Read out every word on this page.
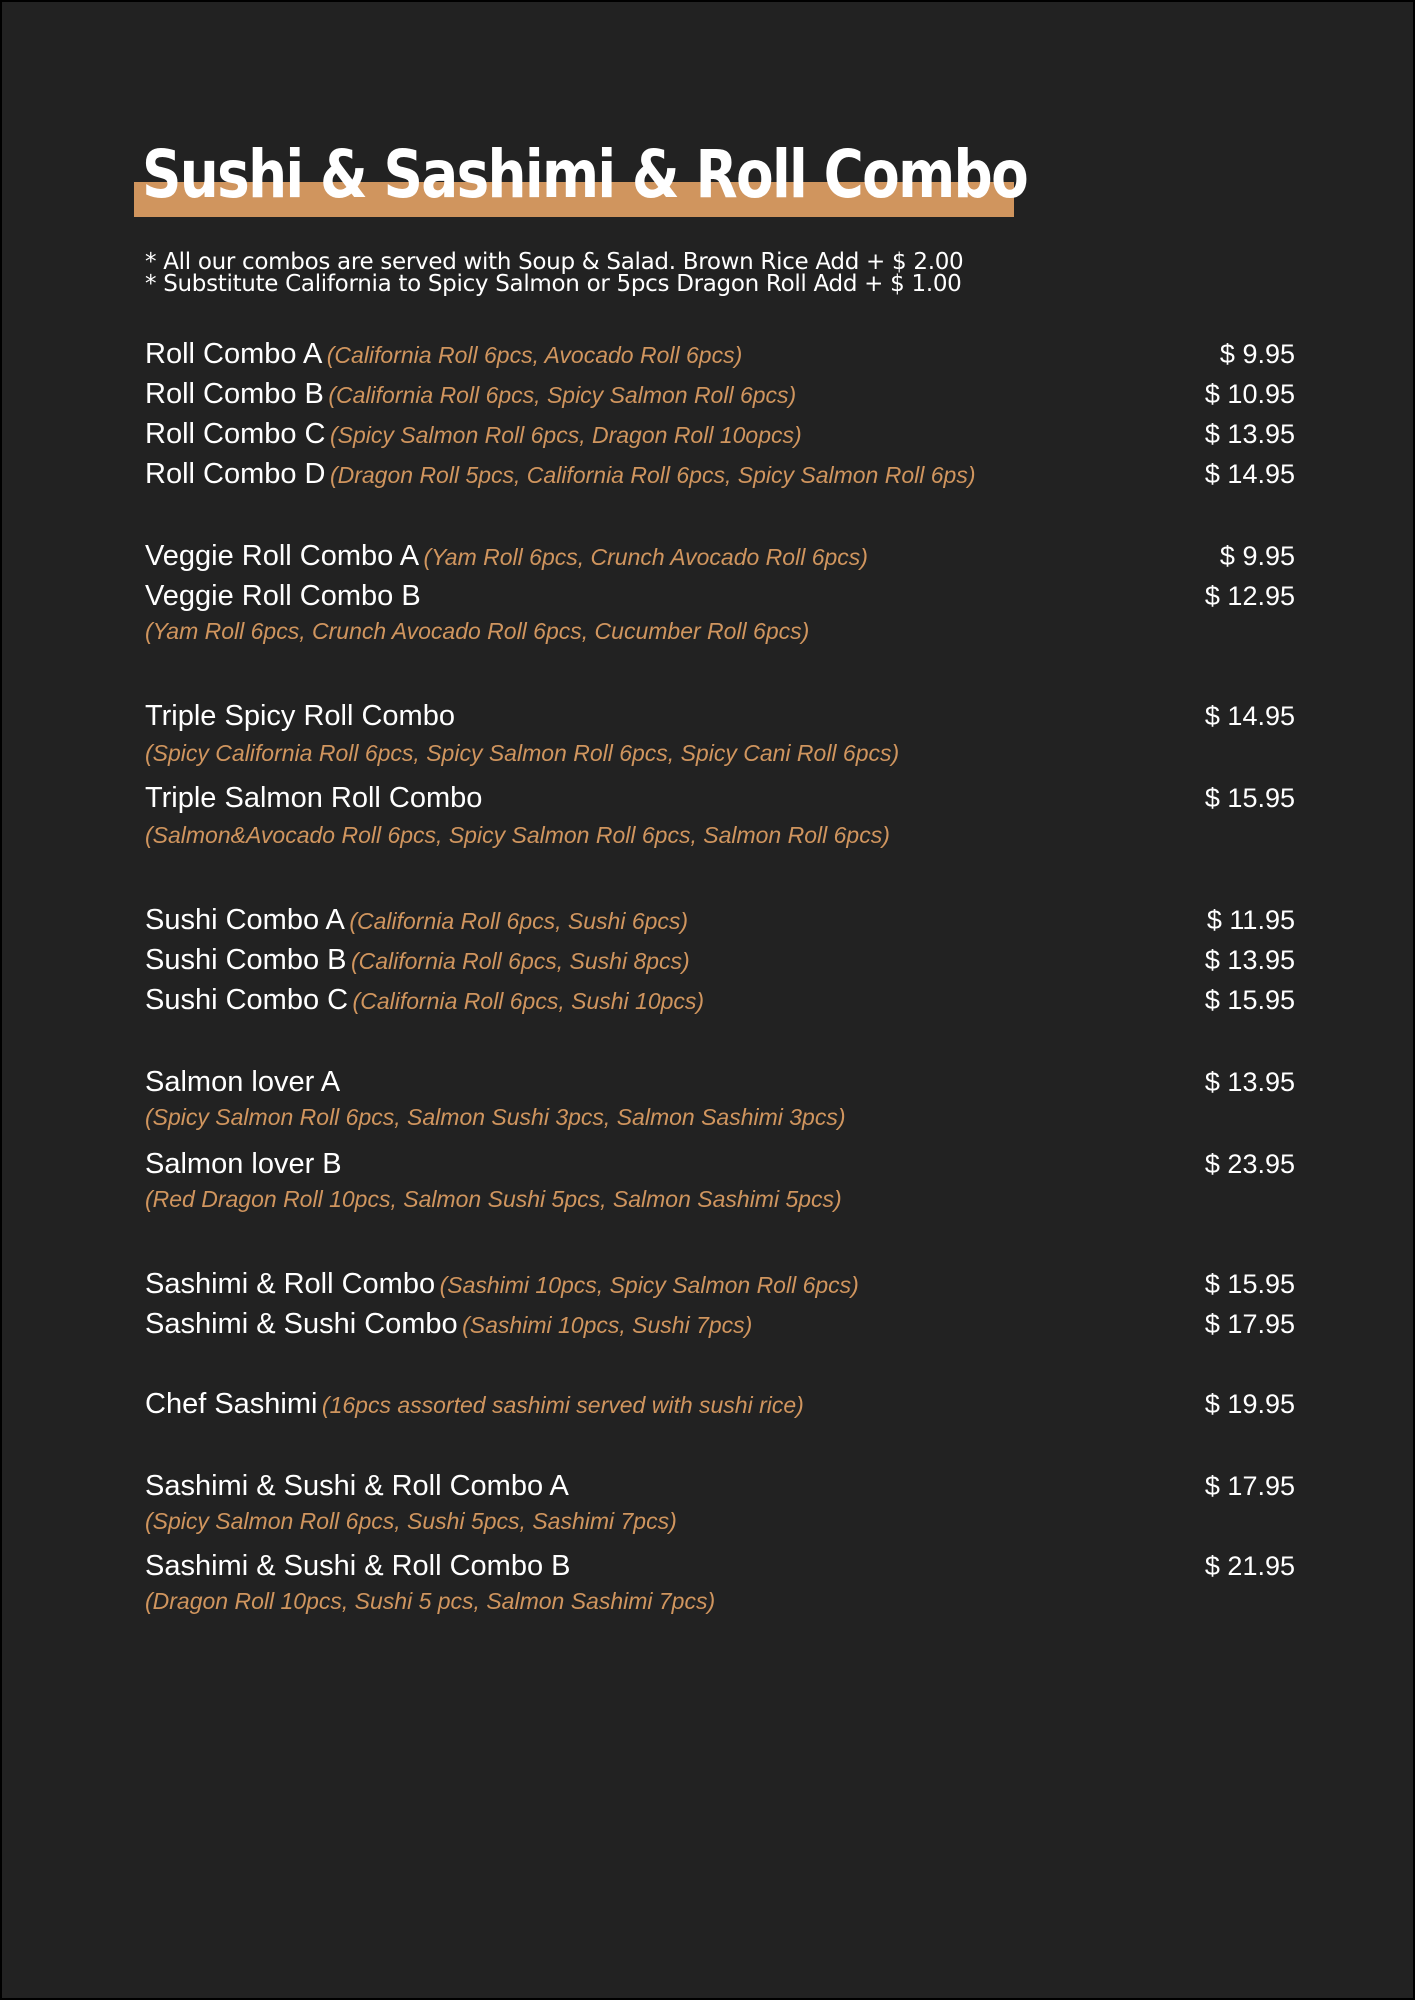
Sushi & Sashimi & Roll Combo
* All our combos are served with Soup & Salad. Brown Rice Add + $ 2.00
* Substitute California to Spicy Salmon or 5pcs Dragon Roll Add + $ 1.00
Roll Combo A (California Roll 6pcs, Avocado Roll 6pcs)	$ 9.95
Roll Combo B (California Roll 6pcs, Spicy Salmon Roll 6pcs)	$ 10.95
Roll Combo C (Spicy Salmon Roll 6pcs, Dragon Roll 10opcs)	$ 13.95
Roll Combo D (Dragon Roll 5pcs, California Roll 6pcs, Spicy Salmon Roll 6ps)	$ 14.95
Veggie Roll Combo A (Yam Roll 6pcs, Crunch Avocado Roll 6pcs)	$ 9.95
Veggie Roll Combo B	$ 12.95
(Yam Roll 6pcs, Crunch Avocado Roll 6pcs, Cucumber Roll 6pcs)
Triple Spicy Roll Combo	$ 14.95
(Spicy California Roll 6pcs, Spicy Salmon Roll 6pcs, Spicy Cani Roll 6pcs)
Triple Salmon Roll Combo	$ 15.95
(Salmon&Avocado Roll 6pcs, Spicy Salmon Roll 6pcs, Salmon Roll 6pcs)
Sushi Combo A (California Roll 6pcs, Sushi 6pcs)	$ 11.95
Sushi Combo B (California Roll 6pcs, Sushi 8pcs)	$ 13.95
Sushi Combo C (California Roll 6pcs, Sushi 10pcs)	$ 15.95
Salmon lover A	$ 13.95
(Spicy Salmon Roll 6pcs, Salmon Sushi 3pcs, Salmon Sashimi 3pcs)
Salmon lover B	$ 23.95
(Red Dragon Roll 10pcs, Salmon Sushi 5pcs, Salmon Sashimi 5pcs)
Sashimi & Roll Combo (Sashimi 10pcs, Spicy Salmon Roll 6pcs)	$ 15.95
Sashimi & Sushi Combo (Sashimi 10pcs, Sushi 7pcs)	$ 17.95
Chef Sashimi (16pcs assorted sashimi served with sushi rice)	$ 19.95
Sashimi & Sushi & Roll Combo A	$ 17.95
(Spicy Salmon Roll 6pcs, Sushi 5pcs, Sashimi 7pcs)
Sashimi & Sushi & Roll Combo B	$ 21.95
(Dragon Roll 10pcs, Sushi 5 pcs, Salmon Sashimi 7pcs)
